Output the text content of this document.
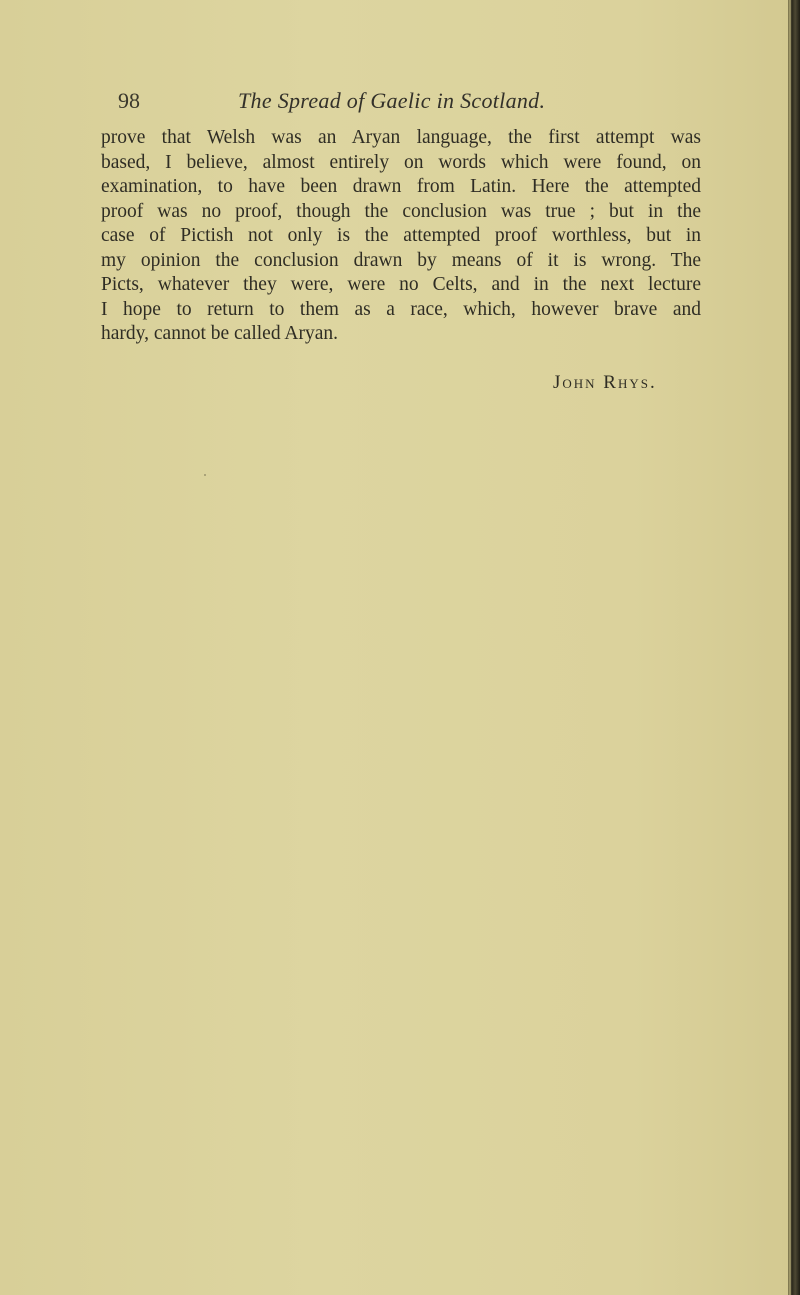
98	The Spread of Gaelic in Scotland.
prove that Welsh was an Aryan language, the first attempt was
based, I believe, almost entirely on words which were found, on
examination, to have been drawn from Latin. Here the attempted
proof was no proof, though the conclusion was true ; but in the
case of Pictish not only is the attempted proof worthless, but in
my opinion the conclusion drawn by means of it is wrong. The
Picts, whatever they were, were no Celts, and in the next lecture
I hope to return to them as a race, which, however brave and
hardy, cannot be called Aryan.
John Rhys.
